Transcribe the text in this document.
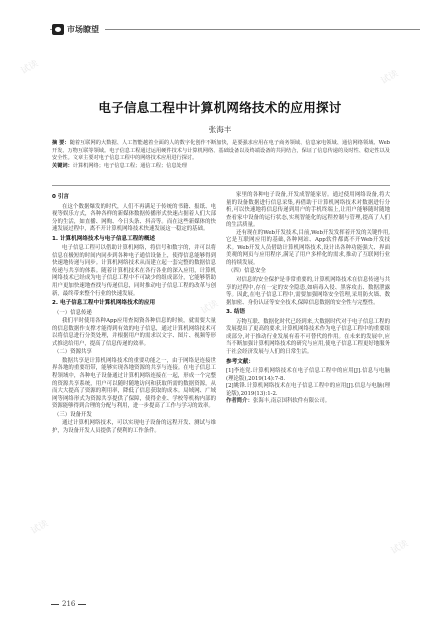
试读
试读
试读
试读
试读
市场瞭望
电子信息工程中计算机网络技术的应用探讨
张海丰
摘 要：随着互联网的大数据、人工智能越着全面的人的数字化创作不断加快，是要强求应用在电子商务领域、信息家电领域、通信网络领域、Web开发、万物互联等领域。电子信息工程通过运用硬件技术与计算机网络、基础设备以及终端设备的共同结合，保证了信息传递的及时性、稳定性以及安全性。文章主要对电子信息工程中的网络技术应用进行探讨。
关键词：计算机网络；电子信息工程；通信工程；信息处理
0 引言

在这个数据爆发的时代，人们不再满足于传统的书籍、报纸、电视等娱乐方式，各种各样的新媒体数据传播形式快速占据着人们大部分的生活，如直播、网购、今日头条、抖音等。而在这些新媒体的快速发展过程中，离不开计算机网络技术快速发展这一稳定的基础。

1. 计算机网络技术与电子信息工程的概述

电子信息工程可以借助计算机网络，将信号和数字的，并可以将信息在极短的时间内同步到各种电子通信设备上，使得信息能够得到快速地传递与同步。计算机网络技术从而建立起一套完整的数据信息传递与共享的体系。随着计算机技术在各行各业的深入应用，计算机网络技术已经成为电子信息工程中不可缺少的组成部分，它能够帮助用户更加快速地查找与传递信息，同时推动电子信息工程的改革与创新，最终带来整个行业的快速发展。

2. 电子信息工程中计算机网络技术的应用
（一）信息传递

我们平时使用各种App应用查阅資各种信息的时候，就需要大量的信息数据作支撑才能得到有效的电子信息，通过计算机网络技术可以将信息进行分类处理，并根据用户的需求以文字、图片、视频等形式推送给用户，提高了信息传递的效率。

（二）资源共享

数据共享是计算机网络技术的重要功能之一，由于网络是连接世界各地的重要纽带，能够实现各地资源的共享与连接。在电子信息工程领域中，各种电子设备通过计算机网络连接在一起，形成一个完整的资源共享系统，用户可以随时随地访问和获取所需的数据资源，从而大大提高了资源的利用率，降低了信息获取的成本。局域网、广域网等网络形式为资源共享提供了保障，使得企业、学校等机构内部的资源能够得到合理的分配与利用，进一步提高了工作与学习的效率。

（三）设备开发

通过计算机网络技术，可以实现电子设备的远程开发、测试与维护，为设备开发人员提供了便利的工作条件。

家里的各种电子设备,开发成智能家居。通过使用网络设备,将大量的设备数据进行信息采集,再借助于计算机网络技术对数据进行分析,可以快速地将信息传递到用户的手机终端上,让用户能够随时随地查看家中设备的运行状态,实现智能化的远程控制与管理,提高了人们的生活质量。

还有现在的Web开发技术,目前,Web开发发挥着开发的关键作用,它是互联网应用的基础,各种网站、App软件都离不开Web开发技术。Web开发人员借助计算机网络技术,设计出各种功能强大、界面美观的网页与应用程序,满足了用户多样化的需求,推动了互联网行业的持续发展。

（四）信息安全

对信息的安全保护是非常重要的,计算机网络技术在信息传递与共享的过程中,存在一定的安全隐患,如病毒入侵、黑客攻击、数据泄露等。因此,在电子信息工程中,需要加强网络安全管理,采用防火墙、数据加密、身份认证等安全技术,保障信息数据的安全性与完整性。

3. 结语

万物互联、数据化时代已经到来,大数据时代对于电子信息工程的发展提出了更高的要求,计算机网络技术作为电子信息工程中的重要组成部分,对于推动行业发展有着不可替代的作用。在未来的发展中,应当不断加强计算机网络技术的研究与应用,使电子信息工程更好地服务于社会经济发展与人们的日常生活。

参考文献：

[1]李连党.计算机网络技术在电子信息工程中的应用[J].信息与电脑(理论版),2019(14):7-8.

[2]姚锋.计算机网络技术在电子信息工程中的应用[J].信息与电脑(理论版),2019(13):1-2.

作者简介：张海丰,南京国科软件有限公司。

216
